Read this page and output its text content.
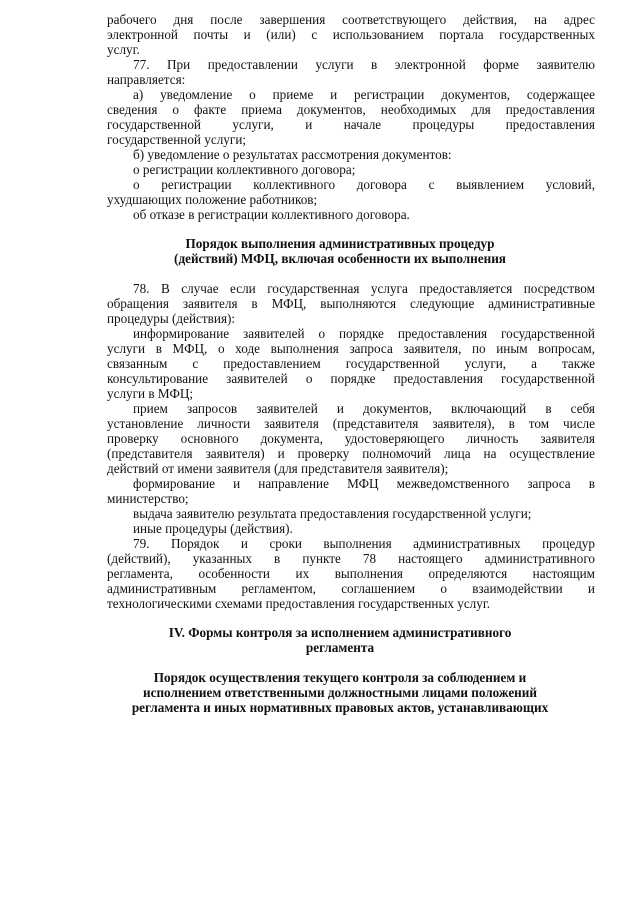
рабочего дня после завершения соответствующего действия, на адрес
электронной почты и (или) с использованием портала государственных
услуг.
77. При предоставлении услуги в электронной форме заявителю
направляется:
а) уведомление о приеме и регистрации документов, содержащее
сведения о факте приема документов, необходимых для предоставления
государственной услуги, и начале процедуры предоставления
государственной услуги;
б) уведомление о результатах рассмотрения документов:
о регистрации коллективного договора;
о регистрации коллективного договора с выявлением условий,
ухудшающих положение работников;
об отказе в регистрации коллективного договора.
Порядок выполнения административных процедур
(действий) МФЦ, включая особенности их выполнения
78. В случае если государственная услуга предоставляется посредством
обращения заявителя в МФЦ, выполняются следующие административные
процедуры (действия):
информирование заявителей о порядке предоставления государственной
услуги в МФЦ, о ходе выполнения запроса заявителя, по иным вопросам,
связанным с предоставлением государственной услуги, а также
консультирование заявителей о порядке предоставления государственной
услуги в МФЦ;
прием запросов заявителей и документов, включающий в себя
установление личности заявителя (представителя заявителя), в том числе
проверку основного документа, удостоверяющего личность заявителя
(представителя заявителя) и проверку полномочий лица на осуществление
действий от имени заявителя (для представителя заявителя);
формирование и направление МФЦ межведомственного запроса в
министерство;
выдача заявителю результата предоставления государственной услуги;
иные процедуры (действия).
79. Порядок и сроки выполнения административных процедур
(действий), указанных в пункте 78 настоящего административного
регламента, особенности их выполнения определяются настоящим
административным регламентом, соглашением о взаимодействии и
технологическими схемами предоставления государственных услуг.
IV. Формы контроля за исполнением административного
регламента
Порядок осуществления текущего контроля за соблюдением и
исполнением ответственными должностными лицами положений
регламента и иных нормативных правовых актов, устанавливающих
